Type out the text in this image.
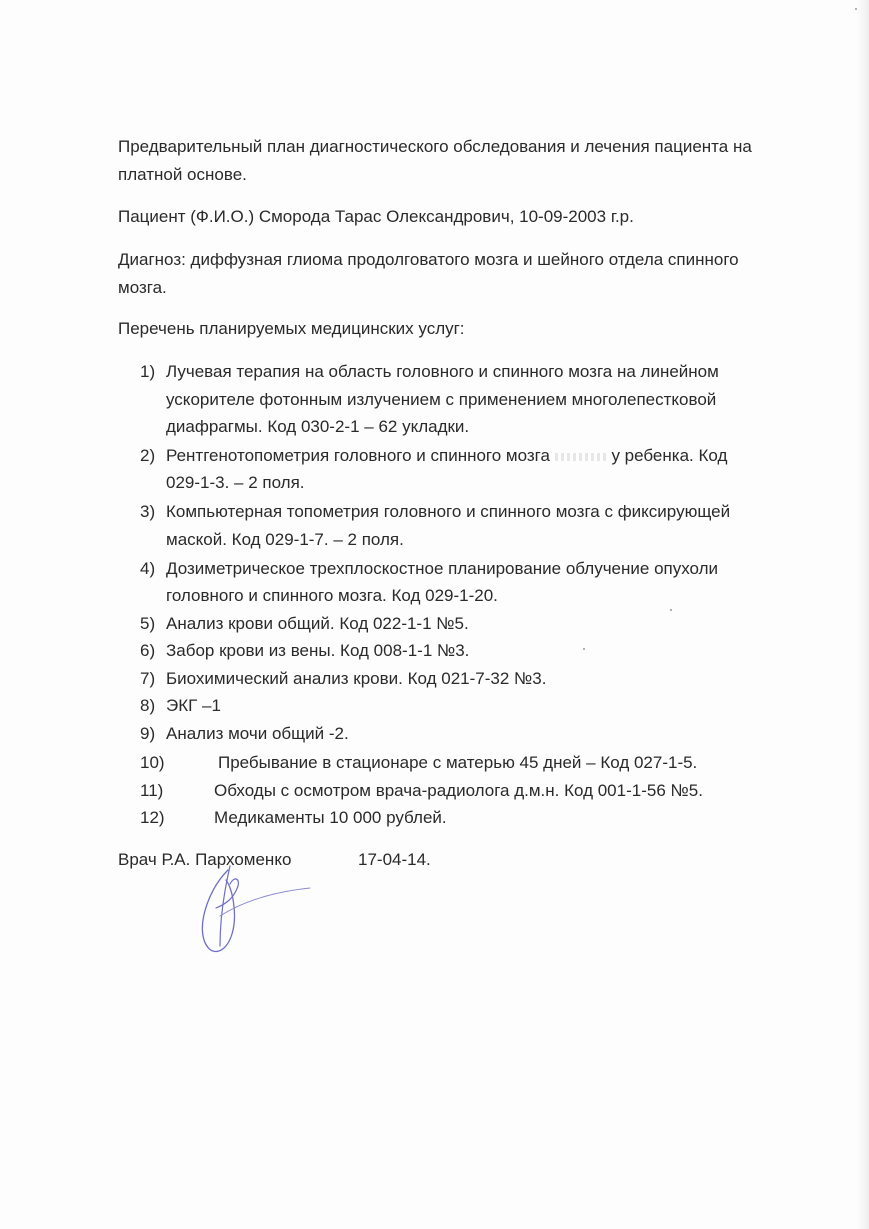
Предварительный план диагностического обследования и лечения пациента на
платной основе.
Пациент (Ф.И.О.) Сморода Тарас Олександрович, 10-09-2003 г.р.
Диагноз: диффузная глиома продолговатого мозга и шейного отдела спинного
мозга.
Перечень планируемых медицинских услуг:
1) Лучевая терапия на область головного и спинного мозга на линейном
ускорителе фотонным излучением с применением многолепестковой
диафрагмы. Код 030-2-1 – 62 укладки.
2) Рентгенотопометрия головного и спинного мозга	у ребенка. Код
029-1-3. – 2 поля.
3) Компьютерная топометрия головного и спинного мозга с фиксирующей
маской. Код 029-1-7. – 2 поля.
4) Дозиметрическое трехплоскостное планирование облучение опухоли
головного и спинного мозга. Код 029-1-20.
5) Анализ крови общий. Код 022-1-1 №5.
6) Забор крови из вены. Код 008-1-1 №3.
7) Биохимический анализ крови. Код 021-7-32 №3.
8) ЭКГ –1
9) Анализ мочи общий -2.
10)	Пребывание в стационаре с матерью 45 дней – Код 027-1-5.
11)	Обходы с осмотром врача-радиолога д.м.н. Код 001-1-56 №5.
12)	Медикаменты 10 000 рублей.
Врач Р.А. Пархоменко	17-04-14.
